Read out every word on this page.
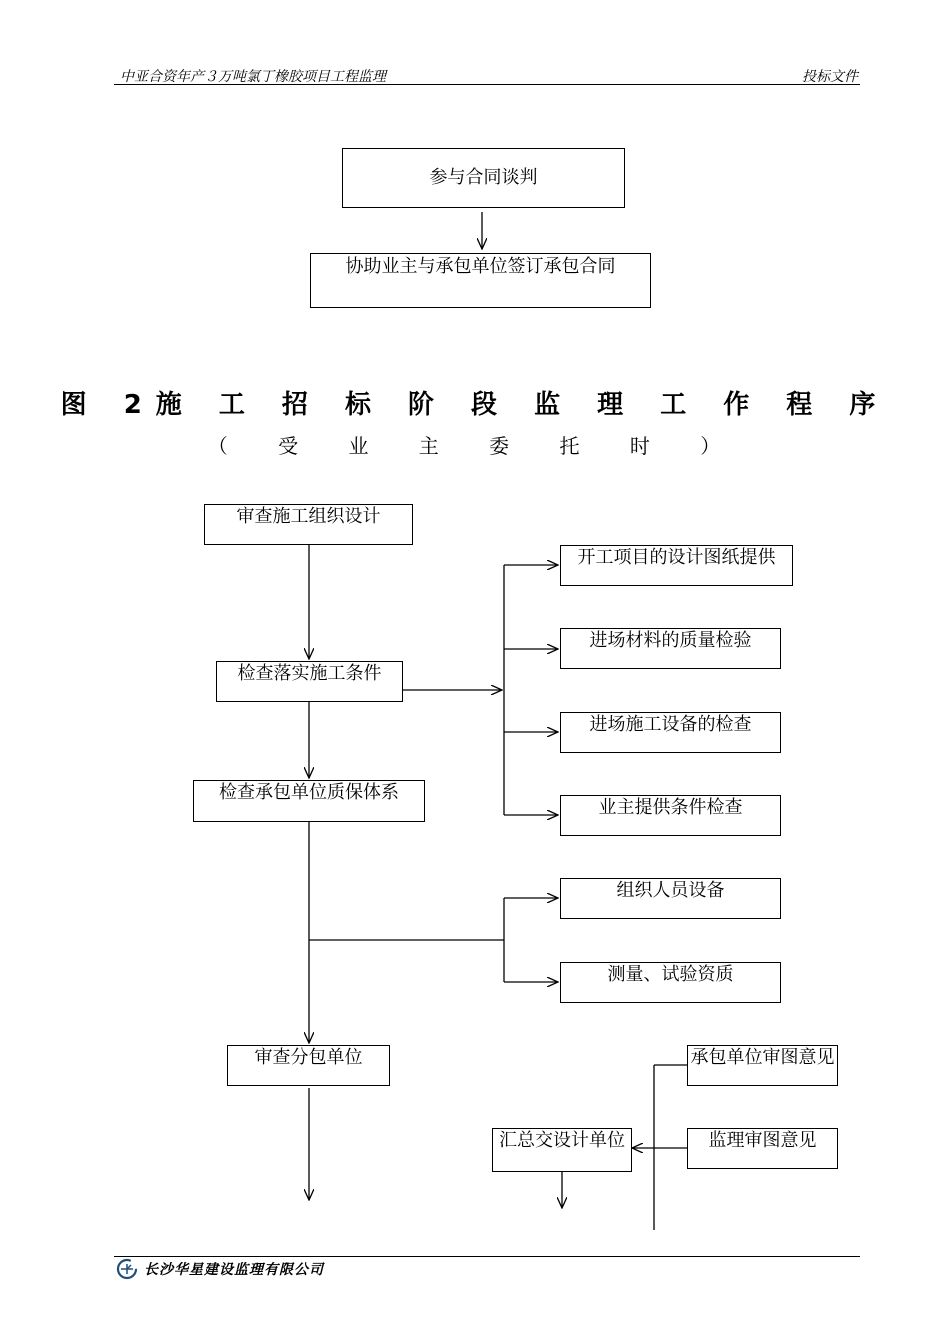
中亚合资年产３万吨氯丁橡胶项目工程监理	投标文件
参与合同谈判
协助业主与承包单位签订承包合同
图 2施 工 招 标 阶 段 监 理 工 作 程 序
（ 受 业 主 委 托 时 ）
审查施工组织设计
检查落实施工条件
检查承包单位质保体系
审查分包单位
开工项目的设计图纸提供
进场材料的质量检验
进场施工设备的检查
业主提供条件检查
组织人员设备
测量、试验资质
承包单位审图意见
监理审图意见
汇总交设计单位
长沙华星建设监理有限公司
